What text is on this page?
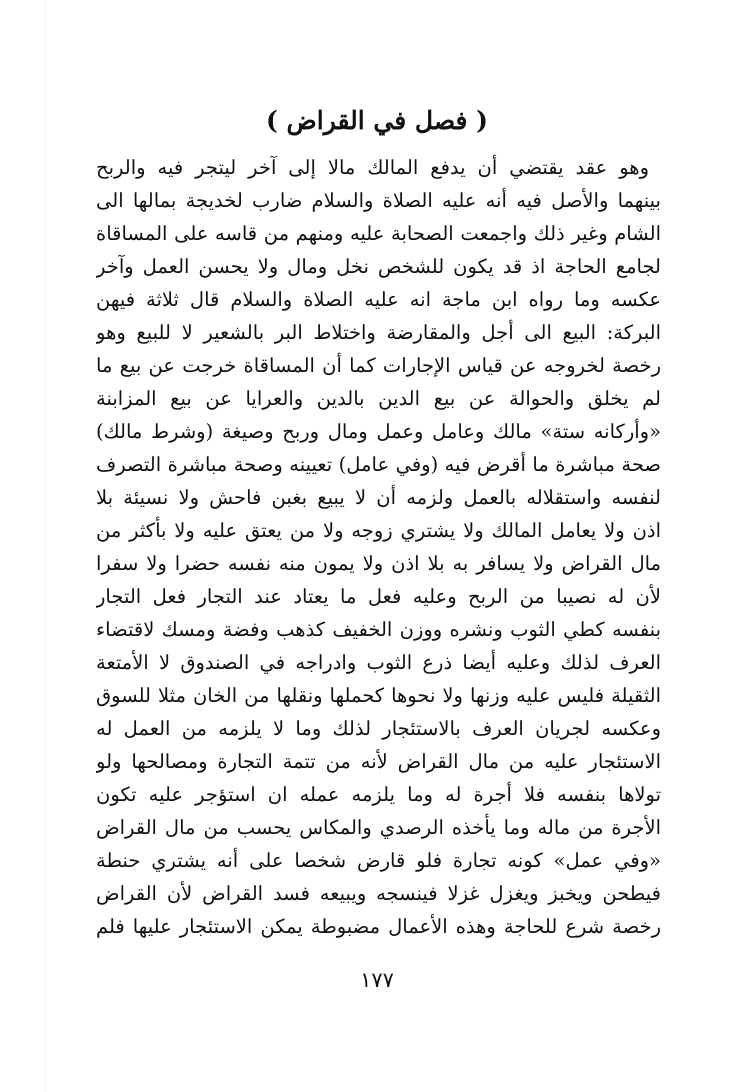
( فصل في القراض )
وهو عقد يقتضي أن يدفع المالك مالا إلى آخر ليتجر فيه والربح
بينهما والأصل فيه أنه عليه الصلاة والسلام ضارب لخديجة بمالها الى
الشام وغير ذلك واجمعت الصحابة عليه ومنهم من قاسه على المساقاة
لجامع الحاجة اذ قد يكون للشخص نخل ومال ولا يحسن العمل وآخر
عكسه وما رواه ابن ماجة انه عليه الصلاة والسلام قال ثلاثة فيهن
البركة: البيع الى أجل والمقارضة واختلاط البر بالشعير لا للبيع وهو
رخصة لخروجه عن قياس الإجارات كما أن المساقاة خرجت عن بيع ما
لم يخلق والحوالة عن بيع الدين بالدين والعرايا عن بيع المزابنة
«وأركانه ستة» مالك وعامل وعمل ومال وربح وصيغة (وشرط مالك)
صحة مباشرة ما أقرض فيه (وفي عامل) تعيينه وصحة مباشرة التصرف
لنفسه واستقلاله بالعمل ولزمه أن لا يبيع بغبن فاحش ولا نسيئة بلا
اذن ولا يعامل المالك ولا يشتري زوجه ولا من يعتق عليه ولا بأكثر من
مال القراض ولا يسافر به بلا اذن ولا يمون منه نفسه حضرا ولا سفرا
لأن له نصيبا من الربح وعليه فعل ما يعتاد عند التجار فعل التجار
بنفسه كطي الثوب ونشره ووزن الخفيف كذهب وفضة ومسك لاقتضاء
العرف لذلك وعليه أيضا ذرع الثوب وادراجه في الصندوق لا الأمتعة
الثقيلة فليس عليه وزنها ولا نحوها كحملها ونقلها من الخان مثلا للسوق
وعكسه لجريان العرف بالاستئجار لذلك وما لا يلزمه من العمل له
الاستئجار عليه من مال القراض لأنه من تتمة التجارة ومصالحها ولو
تولاها بنفسه فلا أجرة له وما يلزمه عمله ان استؤجر عليه تكون
الأجرة من ماله وما يأخذه الرصدي والمكاس يحسب من مال القراض
«وفي عمل» كونه تجارة فلو قارض شخصا على أنه يشتري حنطة
فيطحن ويخبز ويغزل غزلا فينسجه ويبيعه فسد القراض لأن القراض
رخصة شرع للحاجة وهذه الأعمال مضبوطة يمكن الاستئجار عليها فلم
١٧٧
